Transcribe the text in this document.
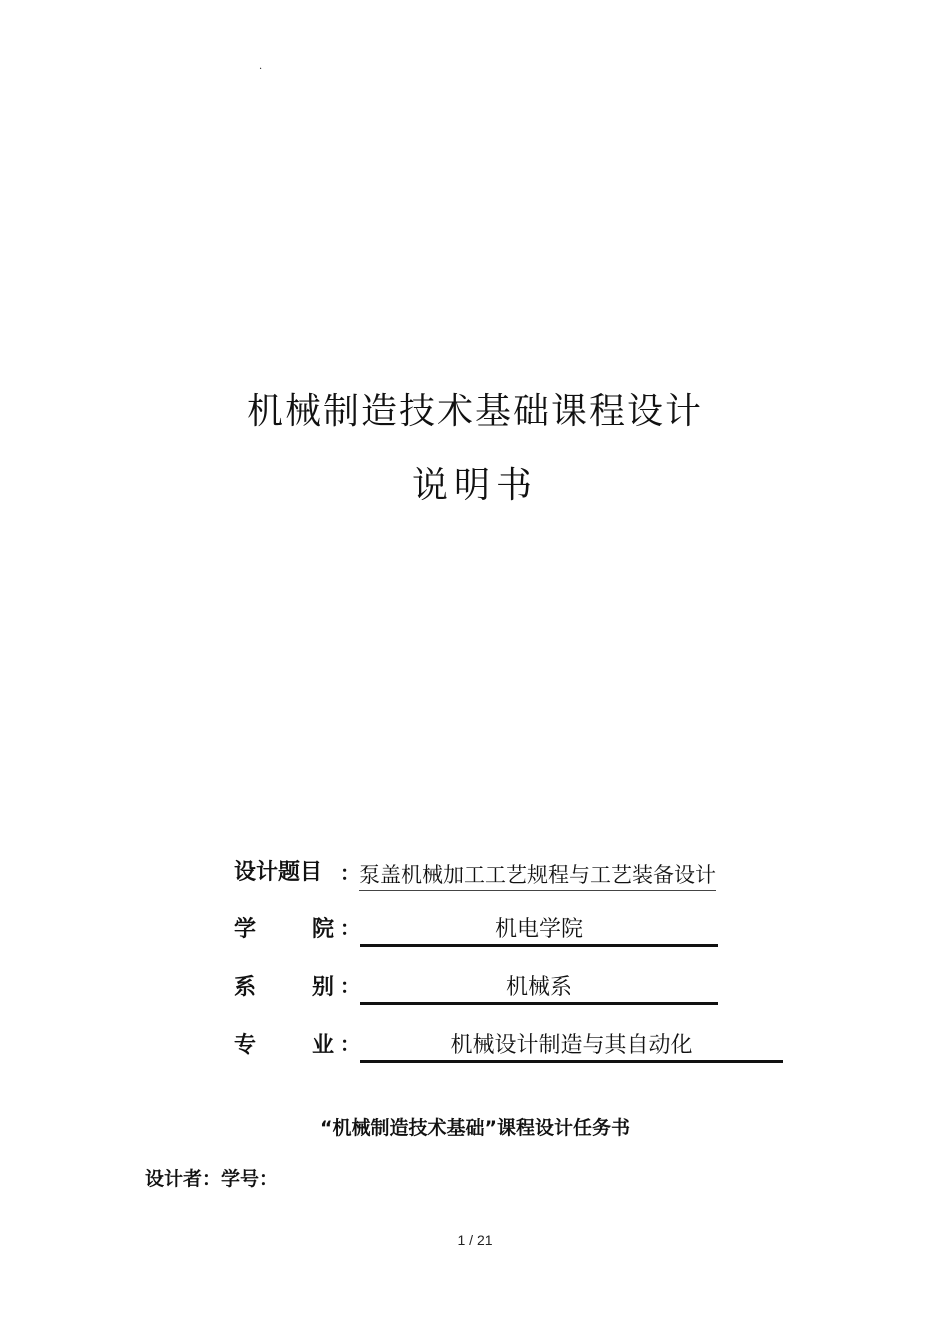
.
机械制造技术基础课程设计
说明书
设计题目 ： 泵盖机械加工工艺规程与工艺装备设计
学	院 ：	机电学院
系	别 ：	机械系
专	业 ：	机械设计制造与其自动化
“机械制造技术基础”课程设计任务书
设计者：学号：
1 / 21
